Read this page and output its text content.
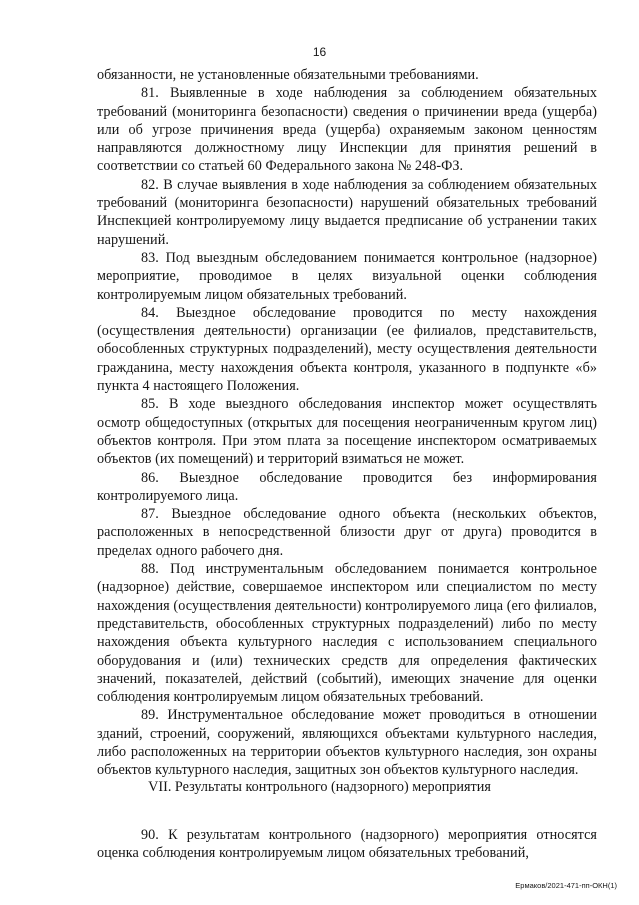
16

обязанности, не установленные обязательными требованиями.

81. Выявленные в ходе наблюдения за соблюдением обязательных требований (мониторинга безопасности) сведения о причинении вреда (ущерба) или об угрозе причинения вреда (ущерба) охраняемым законом ценностям направляются должностному лицу Инспекции для принятия решений в соответствии со статьей 60 Федерального закона № 248-ФЗ.

82. В случае выявления в ходе наблюдения за соблюдением обязательных требований (мониторинга безопасности) нарушений обязательных требований Инспекцией контролируемому лицу выдается предписание об устранении таких нарушений.

83. Под выездным обследованием понимается контрольное (надзорное) мероприятие, проводимое в целях визуальной оценки соблюдения контролируемым лицом обязательных требований.

84. Выездное обследование проводится по месту нахождения (осуществления деятельности) организации (ее филиалов, представительств, обособленных структурных подразделений), месту осуществления деятельности гражданина, месту нахождения объекта контроля, указанного в подпункте «б» пункта 4 настоящего Положения.

85. В ходе выездного обследования инспектор может осуществлять осмотр общедоступных (открытых для посещения неограниченным кругом лиц) объектов контроля. При этом плата за посещение инспектором осматриваемых объектов (их помещений) и территорий взиматься не может.

86. Выездное обследование проводится без информирования контролируемого лица.

87. Выездное обследование одного объекта (нескольких объектов, расположенных в непосредственной близости друг от друга) проводится в пределах одного рабочего дня.

88. Под инструментальным обследованием понимается контрольное (надзорное) действие, совершаемое инспектором или специалистом по месту нахождения (осуществления деятельности) контролируемого лица (его филиалов, представительств, обособленных структурных подразделений) либо по месту нахождения объекта культурного наследия с использованием специального оборудования и (или) технических средств для определения фактических значений, показателей, действий (событий), имеющих значение для оценки соблюдения контролируемым лицом обязательных требований.

89. Инструментальное обследование может проводиться в отношении зданий, строений, сооружений, являющихся объектами культурного наследия, либо расположенных на территории объектов культурного наследия, зон охраны объектов культурного наследия, защитных зон объектов культурного наследия.

VII. Результаты контрольного (надзорного) мероприятия

90. К результатам контрольного (надзорного) мероприятия относятся оценка соблюдения контролируемым лицом обязательных требований,

Ермаков/2021-471-пп-ОКН(1)
